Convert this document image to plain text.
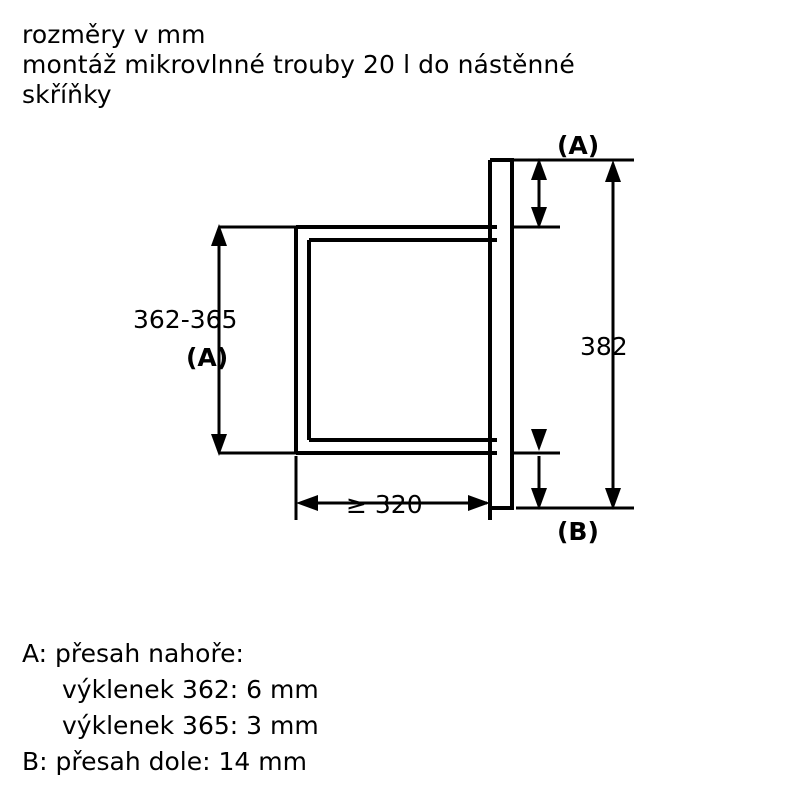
rozměry v mm
montáž mikrovlnné trouby 20 l do nástěnné
skříňky
362-365
(A)
≥ 320
(A)
382
(B)
A: přesah nahoře:
výklenek 362: 6 mm
výklenek 365: 3 mm
B: přesah dole: 14 mm
